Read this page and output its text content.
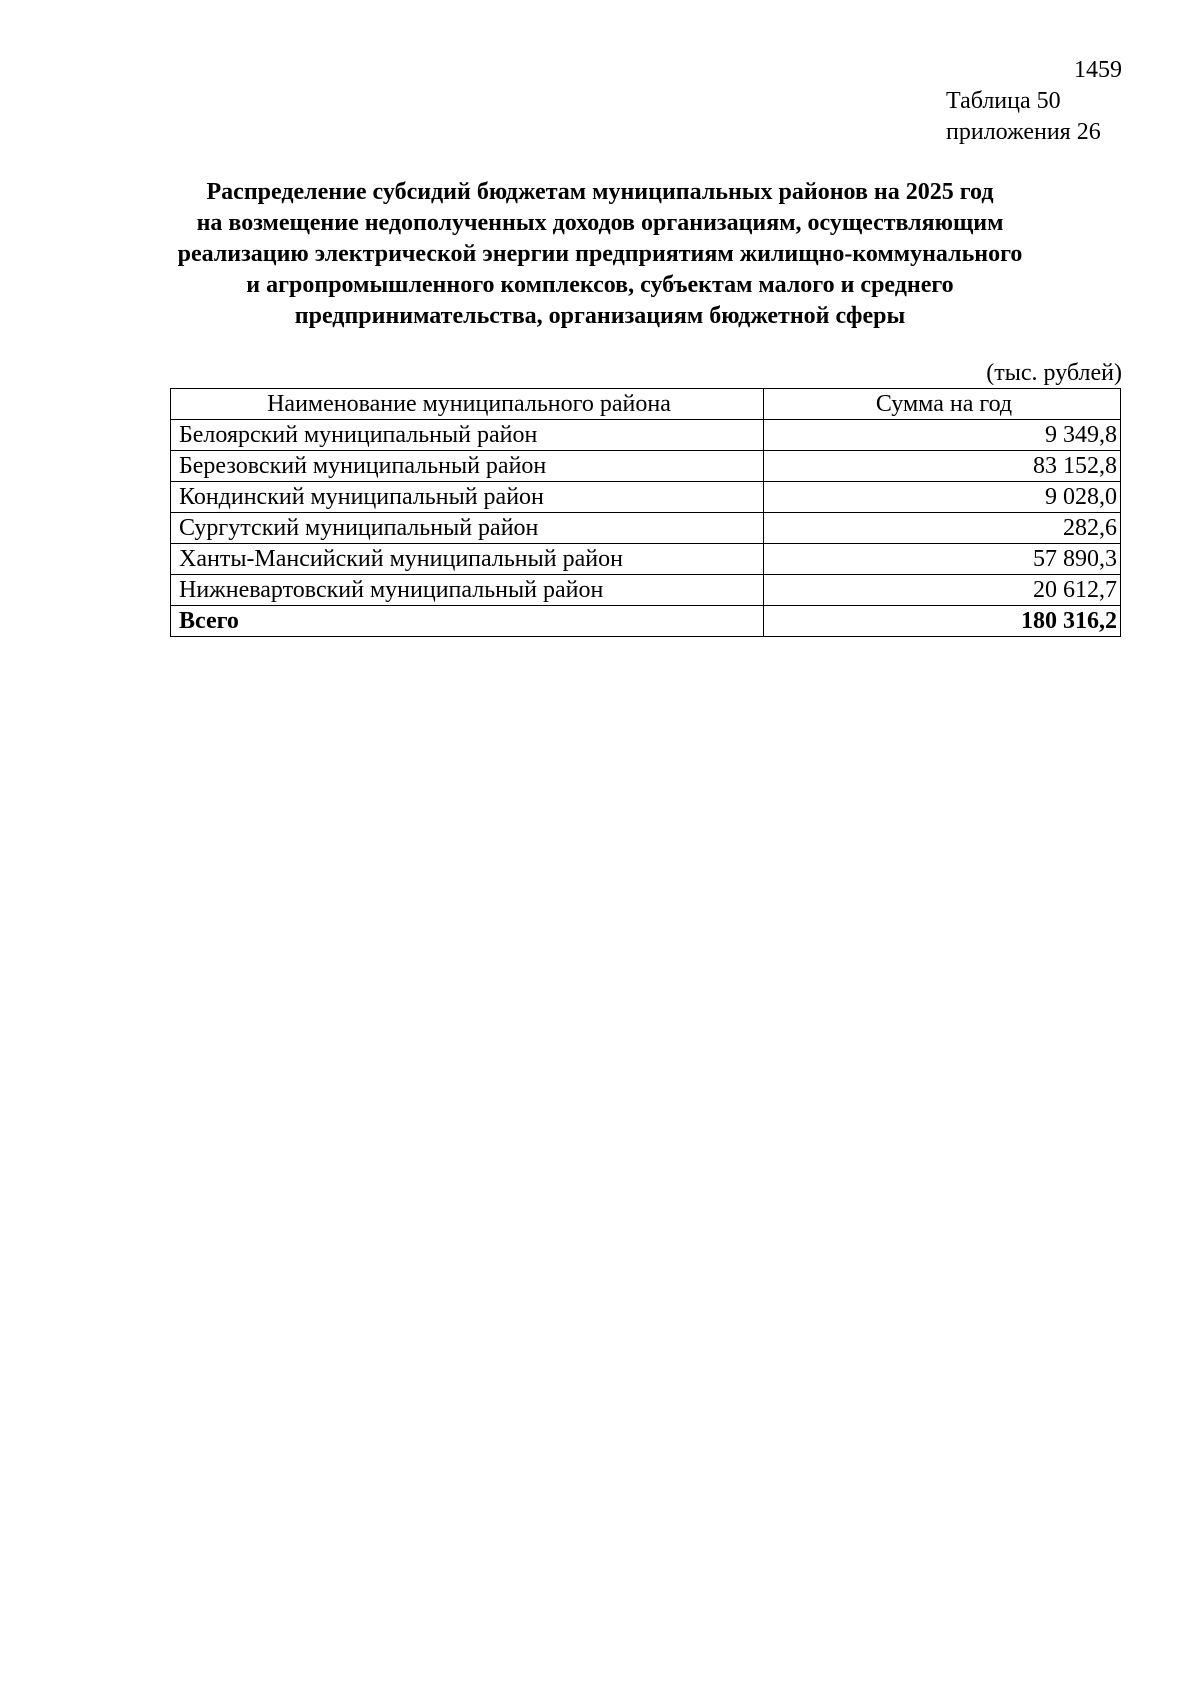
1459
Таблица 50
приложения 26
Распределение субсидий бюджетам муниципальных районов на 2025 год
на возмещение недополученных доходов организациям, осуществляющим
реализацию электрической энергии предприятиям жилищно-коммунального
и агропромышленного комплексов, субъектам малого и среднего
предпринимательства, организациям бюджетной сферы
(тыс. рублей)
Наименование муниципального района	Сумма на год
Белоярский муниципальный район	9 349,8
Березовский муниципальный район	83 152,8
Кондинский муниципальный район	9 028,0
Сургутский муниципальный район	282,6
Ханты-Мансийский муниципальный район	57 890,3
Нижневартовский муниципальный район	20 612,7
Всего	180 316,2
